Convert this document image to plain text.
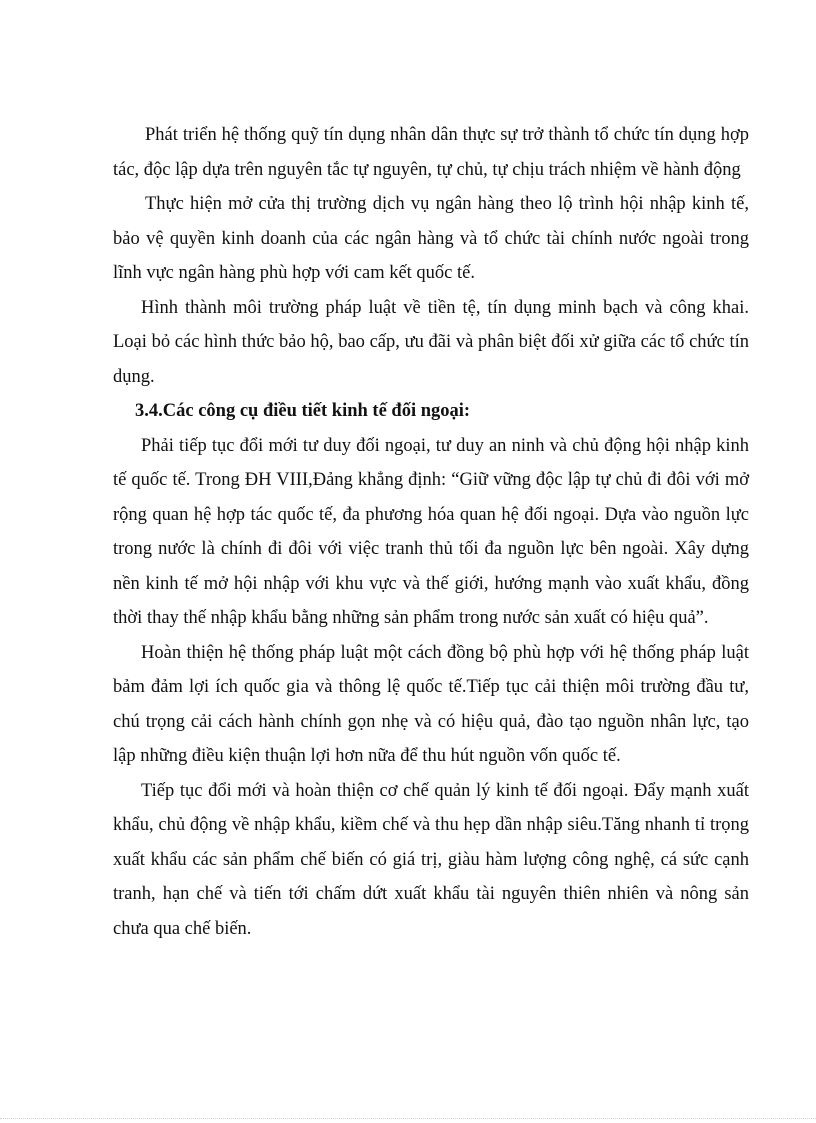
Phát triển hệ thống quỹ tín dụng nhân dân thực sự trở thành tổ chức tín dụng hợp tác, độc lập dựa trên nguyên tắc tự nguyên, tự chủ, tự chịu trách nhiệm về hành động

Thực hiện mở cửa thị trường dịch vụ ngân hàng theo lộ trình hội nhập kinh tế, bảo vệ quyền kinh doanh của các ngân hàng và tổ chức tài chính nước ngoài trong lĩnh vực ngân hàng phù hợp với cam kết quốc tế.

Hình thành môi trường pháp luật về tiền tệ, tín dụng minh bạch và công khai. Loại bỏ các hình thức bảo hộ, bao cấp, ưu đãi và phân biệt đối xử giữa các tổ chức tín dụng.

3.4.Các công cụ điều tiết kinh tế đối ngoại:

Phải tiếp tục đổi mới tư duy đối ngoại, tư duy an ninh và chủ động hội nhập kinh tế quốc tế. Trong ĐH VIII,Đảng khẳng định: “Giữ vững độc lập tự chủ đi đôi với mở rộng quan hệ hợp tác quốc tế, đa phương hóa quan hệ đối ngoại. Dựa vào nguồn lực trong nước là chính đi đôi với việc tranh thủ tối đa nguồn lực bên ngoài. Xây dựng nền kinh tế mở hội nhập với khu vực và thế giới, hướng mạnh vào xuất khẩu, đồng thời thay thế nhập khẩu bằng những sản phẩm trong nước sản xuất có hiệu quả”.

Hoàn thiện hệ thống pháp luật một cách đồng bộ phù hợp với hệ thống pháp luật bảm đảm lợi ích quốc gia và thông lệ quốc tế.Tiếp tục cải thiện môi trường đầu tư, chú trọng cải cách hành chính gọn nhẹ và có hiệu quả, đào tạo nguồn nhân lực, tạo lập những điều kiện thuận lợi hơn nữa để thu hút nguồn vốn quốc tế.

Tiếp tục đổi mới và hoàn thiện cơ chế quản lý kinh tế đối ngoại. Đẩy mạnh xuất khẩu, chủ động về nhập khẩu, kiềm chế và thu hẹp dần nhập siêu.Tăng nhanh tỉ trọng xuất khẩu các sản phẩm chế biến có giá trị, giàu hàm lượng công nghệ, cá sức cạnh tranh, hạn chế và tiến tới chấm dứt xuất khẩu tài nguyên thiên nhiên và nông sản chưa qua chế biến.
